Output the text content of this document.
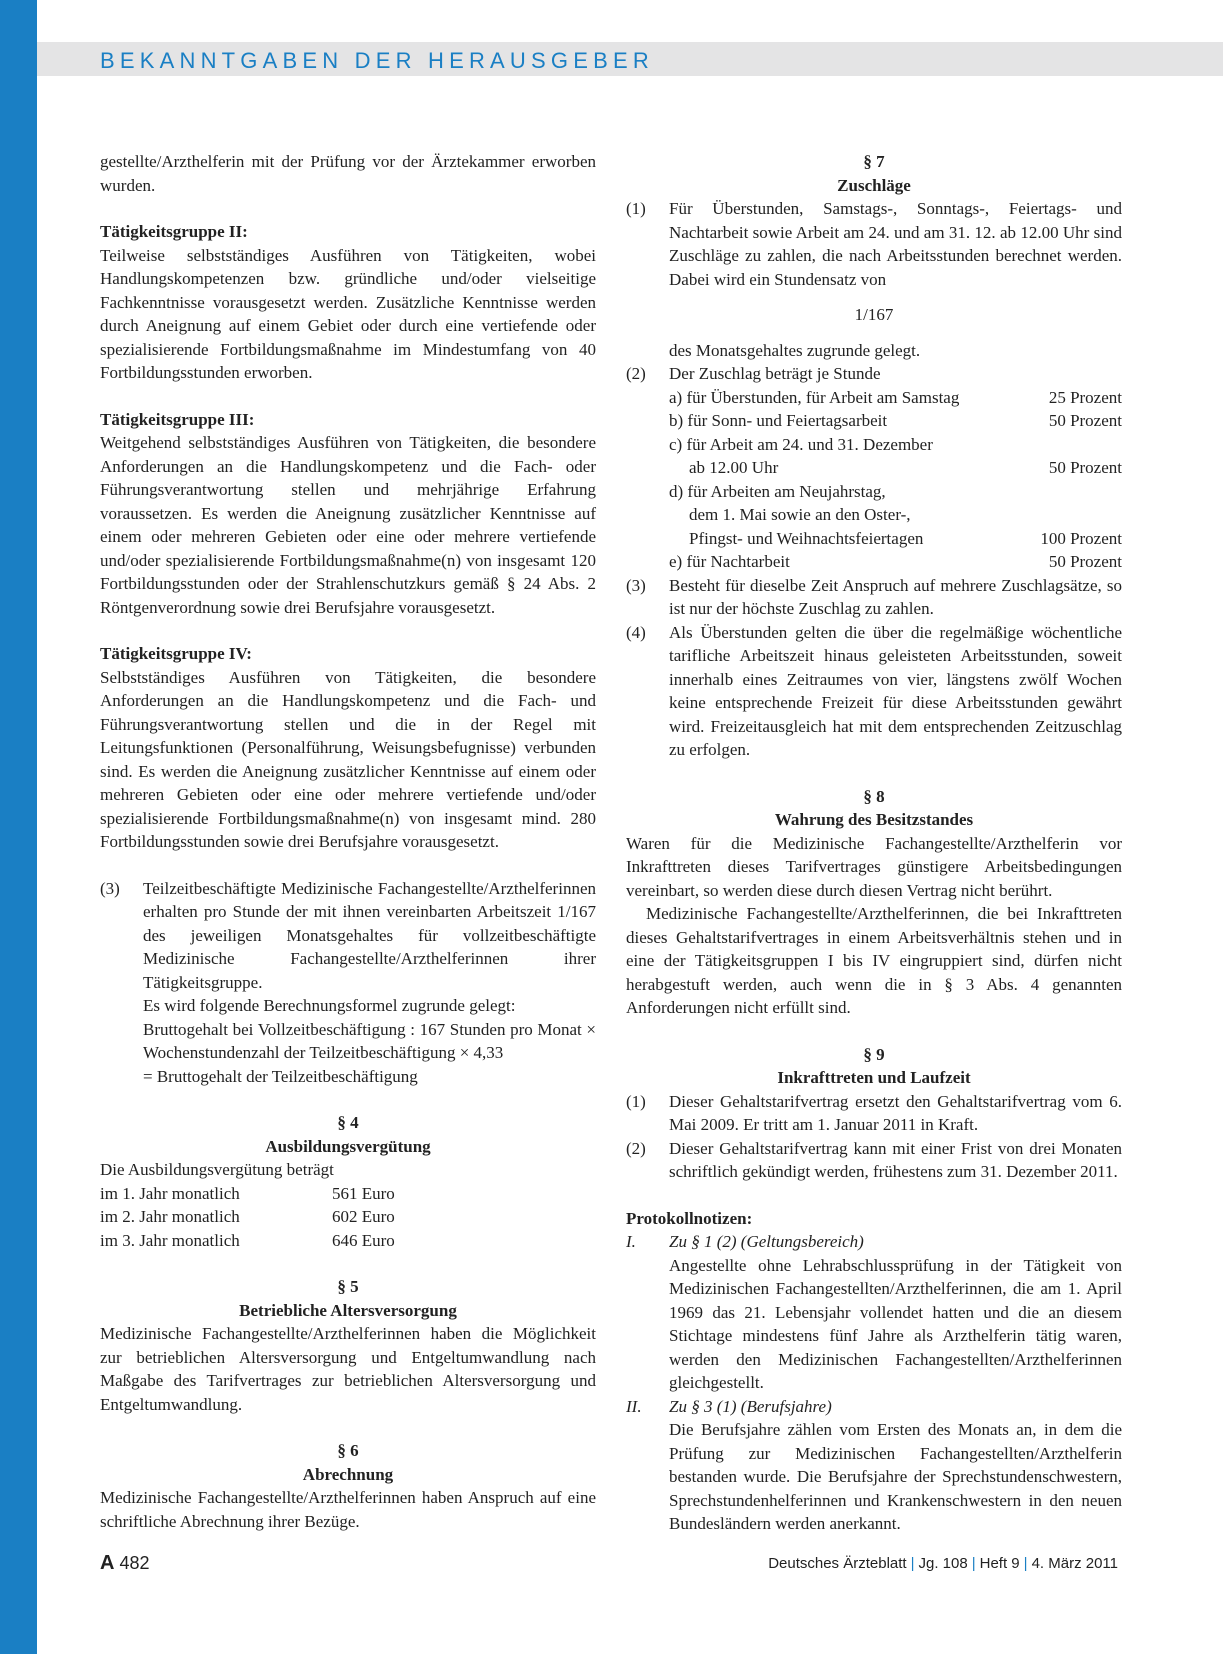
BEKANNTGABEN DER HERAUSGEBER

gestellte/Arzthelferin mit der Prüfung vor der Ärztekammer erworben wurden.

Tätigkeitsgruppe II:

Teilweise selbstständiges Ausführen von Tätigkeiten, wobei Handlungskompetenzen bzw. gründliche und/oder vielseitige Fachkenntnisse vorausgesetzt werden. Zusätzliche Kenntnisse werden durch Aneignung auf einem Gebiet oder durch eine vertiefende oder spezialisierende Fortbildungsmaßnahme im Mindestumfang von 40 Fortbildungsstunden erworben.

Tätigkeitsgruppe III:

Weitgehend selbstständiges Ausführen von Tätigkeiten, die besondere Anforderungen an die Handlungskompetenz und die Fach- oder Führungsverantwortung stellen und mehrjährige Erfahrung voraussetzen. Es werden die Aneignung zusätzlicher Kenntnisse auf einem oder mehreren Gebieten oder eine oder mehrere vertiefende und/oder spezialisierende Fortbildungsmaßnahme(n) von insgesamt 120 Fortbildungsstunden oder der Strahlenschutzkurs gemäß § 24 Abs. 2 Röntgenverordnung sowie drei Berufsjahre vorausgesetzt.

Tätigkeitsgruppe IV:

Selbstständiges Ausführen von Tätigkeiten, die besondere Anforderungen an die Handlungskompetenz und die Fach- und Führungsverantwortung stellen und die in der Regel mit Leitungsfunktionen (Personalführung, Weisungsbefugnisse) verbunden sind. Es werden die Aneignung zusätzlicher Kenntnisse auf einem oder mehreren Gebieten oder eine oder mehrere vertiefende und/oder spezialisierende Fortbildungsmaßnahme(n) von insgesamt mind. 280 Fortbildungsstunden sowie drei Berufsjahre vorausgesetzt.

(3)	Teilzeitbeschäftigte Medizinische Fachangestellte/Arzthelferinnen erhalten pro Stunde der mit ihnen vereinbarten Arbeitszeit 1/167 des jeweiligen Monatsgehaltes für vollzeitbeschäftigte Medizinische Fachangestellte/Arzthelferinnen ihrer Tätigkeitsgruppe.

Es wird folgende Berechnungsformel zugrunde gelegt:

Bruttogehalt bei Vollzeitbeschäftigung : 167 Stunden pro Monat × Wochenstundenzahl der Teilzeitbeschäftigung × 4,33

= Bruttogehalt der Teilzeitbeschäftigung

§ 4

Ausbildungsvergütung

Die Ausbildungsvergütung beträgt

im 1. Jahr monatlich	561 Euro
im 2. Jahr monatlich	602 Euro
im 3. Jahr monatlich	646 Euro

§ 5

Betriebliche Altersversorgung

Medizinische Fachangestellte/Arzthelferinnen haben die Möglichkeit zur betrieblichen Altersversorgung und Entgeltumwandlung nach Maßgabe des Tarifvertrages zur betrieblichen Altersversorgung und Entgeltumwandlung.

§ 6

Abrechnung

Medizinische Fachangestellte/Arzthelferinnen haben Anspruch auf eine schriftliche Abrechnung ihrer Bezüge.

§ 7

Zuschläge

(1)	Für Überstunden, Samstags-, Sonntags-, Feiertags- und Nachtarbeit sowie Arbeit am 24. und am 31. 12. ab 12.00 Uhr sind Zuschläge zu zahlen, die nach Arbeitsstunden berechnet werden. Dabei wird ein Stundensatz von

1/167

des Monatsgehaltes zugrunde gelegt.

(2)	Der Zuschlag beträgt je Stunde

a) für Überstunden, für Arbeit am Samstag	25 Prozent
b) für Sonn- und Feiertagsarbeit	50 Prozent

c) für Arbeit am 24. und 31. Dezember

ab 12.00 Uhr	50 Prozent

d) für Arbeiten am Neujahrstag,

dem 1. Mai sowie an den Oster-,

Pfingst- und Weihnachtsfeiertagen	100 Prozent
e) für Nachtarbeit	50 Prozent
(3)	Besteht für dieselbe Zeit Anspruch auf mehrere Zuschlagsätze, so ist nur der höchste Zuschlag zu zahlen.

(4)	Als Überstunden gelten die über die regelmäßige wöchentliche tarifliche Arbeitszeit hinaus geleisteten Arbeitsstunden, soweit innerhalb eines Zeitraumes von vier, längstens zwölf Wochen keine entsprechende Freizeit für diese Arbeitsstunden gewährt wird. Freizeitausgleich hat mit dem entsprechenden Zeitzuschlag zu erfolgen.

§ 8

Wahrung des Besitzstandes

Waren für die Medizinische Fachangestellte/Arzthelferin vor Inkrafttreten dieses Tarifvertrages günstigere Arbeitsbedingungen vereinbart, so werden diese durch diesen Vertrag nicht berührt.

Medizinische Fachangestellte/Arzthelferinnen, die bei Inkrafttreten dieses Gehaltstarifvertrages in einem Arbeitsverhältnis stehen und in eine der Tätigkeitsgruppen I bis IV eingruppiert sind, dürfen nicht herabgestuft werden, auch wenn die in § 3 Abs. 4 genannten Anforderungen nicht erfüllt sind.

§ 9

Inkrafttreten und Laufzeit

(1)	Dieser Gehaltstarifvertrag ersetzt den Gehaltstarifvertrag vom 6. Mai 2009. Er tritt am 1. Januar 2011 in Kraft.

(2)	Dieser Gehaltstarifvertrag kann mit einer Frist von drei Monaten schriftlich gekündigt werden, frühestens zum 31. Dezember 2011.

Protokollnotizen:

I.	Zu § 1 (2) (Geltungsbereich)

Angestellte ohne Lehrabschlussprüfung in der Tätigkeit von Medizinischen Fachangestellten/Arzthelferinnen, die am 1. April 1969 das 21. Lebensjahr vollendet hatten und die an diesem Stichtage mindestens fünf Jahre als Arzthelferin tätig waren, werden den Medizinischen Fachangestellten/Arzthelferinnen gleichgestellt.

II.	Zu § 3 (1) (Berufsjahre)

Die Berufsjahre zählen vom Ersten des Monats an, in dem die Prüfung zur Medizinischen Fachangestellten/Arzthelferin bestanden wurde. Die Berufsjahre der Sprechstundenschwestern, Sprechstundenhelferinnen und Krankenschwestern in den neuen Bundesländern werden anerkannt.

A 482	Deutsches Ärzteblatt | Jg. 108 | Heft 9 | 4. März 2011
